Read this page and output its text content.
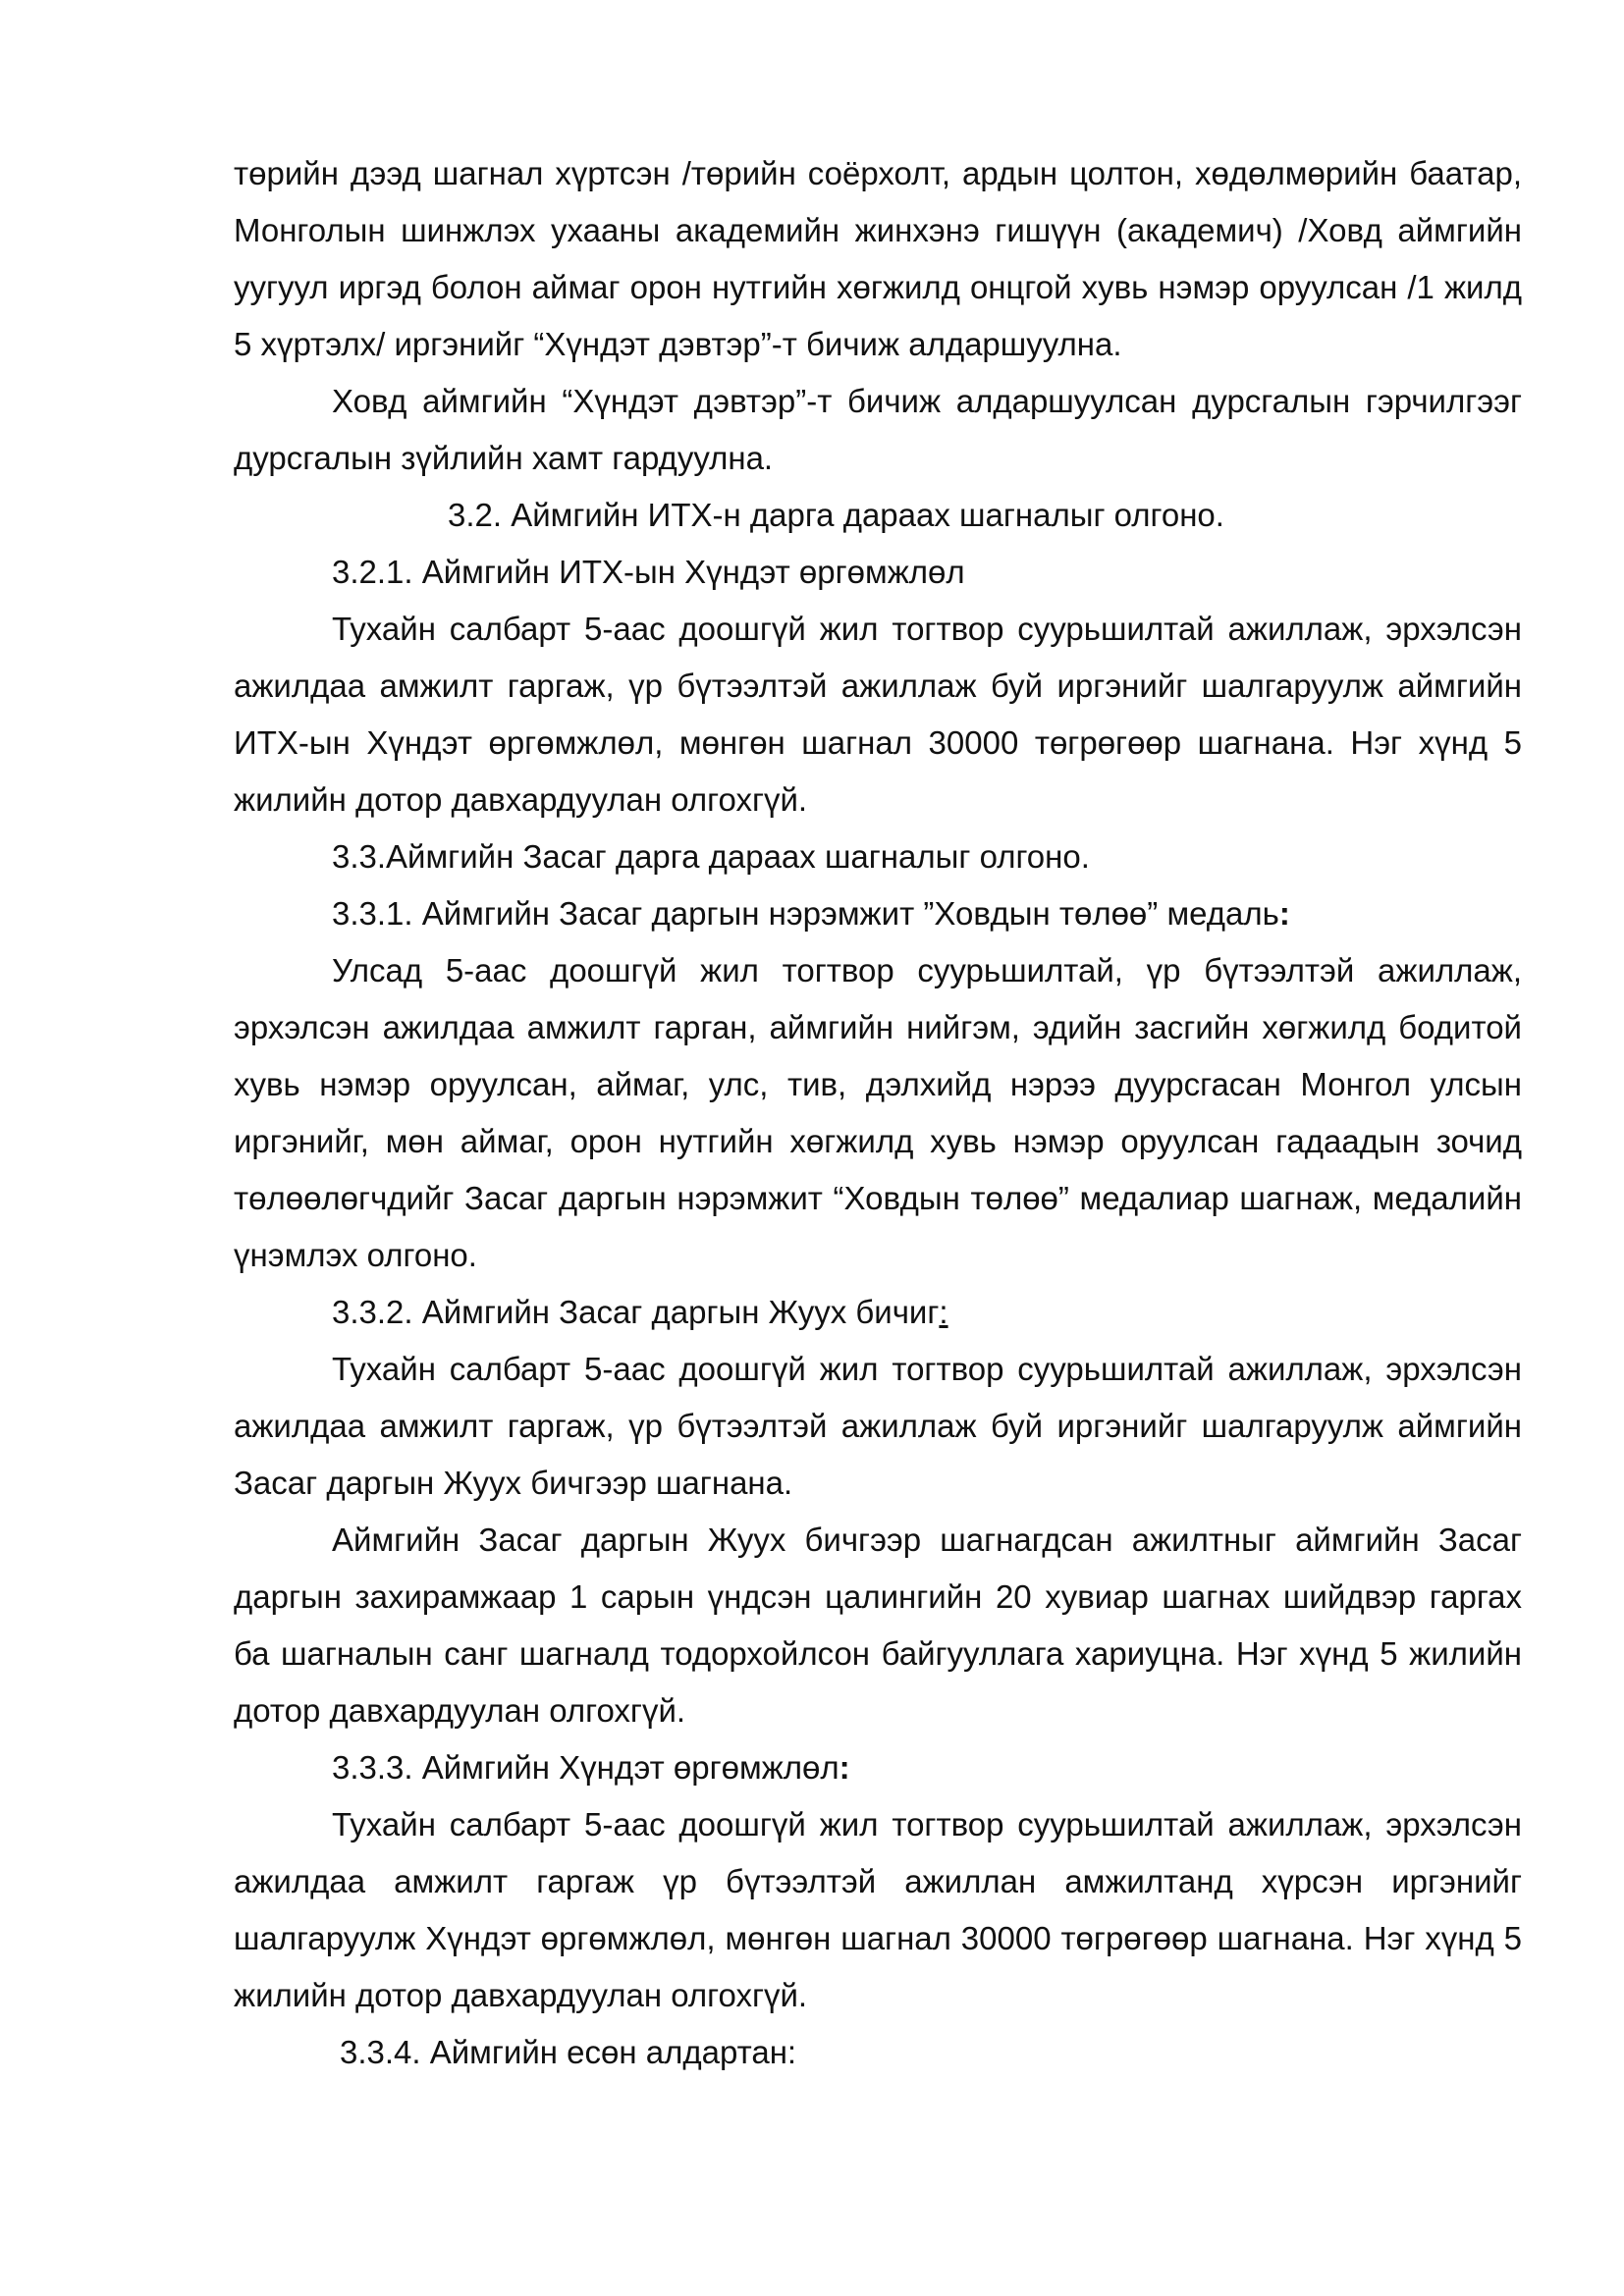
төрийн дээд шагнал хүртсэн /төрийн соёрхолт, ардын цолтон, хөдөлмөрийн баатар, Монголын шинжлэх ухааны академийн жинхэнэ гишүүн (академич) /Ховд аймгийн уугуул иргэд болон аймаг орон нутгийн хөгжилд онцгой хувь нэмэр оруулсан /1 жилд 5 хүртэлх/ иргэнийг “Хүндэт дэвтэр”-т бичиж алдаршуулна.

Ховд аймгийн “Хүндэт дэвтэр”-т бичиж алдаршуулсан дурсгалын гэрчилгээг дурсгалын зүйлийн хамт гардуулна.

3.2. Аймгийн ИТХ-н дарга дараах шагналыг олгоно.

3.2.1. Аймгийн ИТХ-ын Хүндэт өргөмжлөл

Тухайн салбарт 5-аас доошгүй жил тогтвор суурьшилтай ажиллаж, эрхэлсэн ажилдаа амжилт гаргаж, үр бүтээлтэй ажиллаж буй иргэнийг шалгаруулж аймгийн ИТХ-ын Хүндэт өргөмжлөл, мөнгөн шагнал 30000 төгрөгөөр шагнана. Нэг хүнд 5 жилийн дотор давхардуулан олгохгүй.

3.3.Аймгийн Засаг дарга дараах шагналыг олгоно.

3.3.1. Аймгийн Засаг даргын нэрэмжит ”Ховдын төлөө” медаль:

Улсад 5-аас доошгүй жил тогтвор суурьшилтай, үр бүтээлтэй ажиллаж, эрхэлсэн ажилдаа амжилт гарган, аймгийн нийгэм, эдийн засгийн хөгжилд бодитой хувь нэмэр оруулсан, аймаг, улс, тив, дэлхийд нэрээ дуурсгасан Монгол улсын иргэнийг, мөн аймаг, орон нутгийн хөгжилд хувь нэмэр оруулсан гадаадын зочид төлөөлөгчдийг Засаг даргын нэрэмжит “Ховдын төлөө” медалиар шагнаж, медалийн үнэмлэх олгоно.

3.3.2. Аймгийн Засаг даргын Жуух бичиг:

Тухайн салбарт 5-аас доошгүй жил тогтвор суурьшилтай ажиллаж, эрхэлсэн ажилдаа амжилт гаргаж, үр бүтээлтэй ажиллаж буй иргэнийг шалгаруулж аймгийн Засаг даргын Жуух бичгээр шагнана.

Аймгийн Засаг даргын Жуух бичгээр шагнагдсан ажилтныг аймгийн Засаг даргын захирамжаар 1 сарын үндсэн цалингийн 20 хувиар шагнах шийдвэр гаргах ба шагналын санг шагналд тодорхойлсон байгууллага хариуцна. Нэг хүнд 5 жилийн дотор давхардуулан олгохгүй.

3.3.3. Аймгийн Хүндэт өргөмжлөл:

Тухайн салбарт 5-аас доошгүй жил тогтвор суурьшилтай ажиллаж, эрхэлсэн ажилдаа амжилт гаргаж үр бүтээлтэй ажиллан амжилтанд хүрсэн иргэнийг шалгаруулж Хүндэт өргөмжлөл, мөнгөн шагнал 30000 төгрөгөөр шагнана. Нэг хүнд 5 жилийн дотор давхардуулан олгохгүй.

3.3.4. Аймгийн есөн алдартан:
